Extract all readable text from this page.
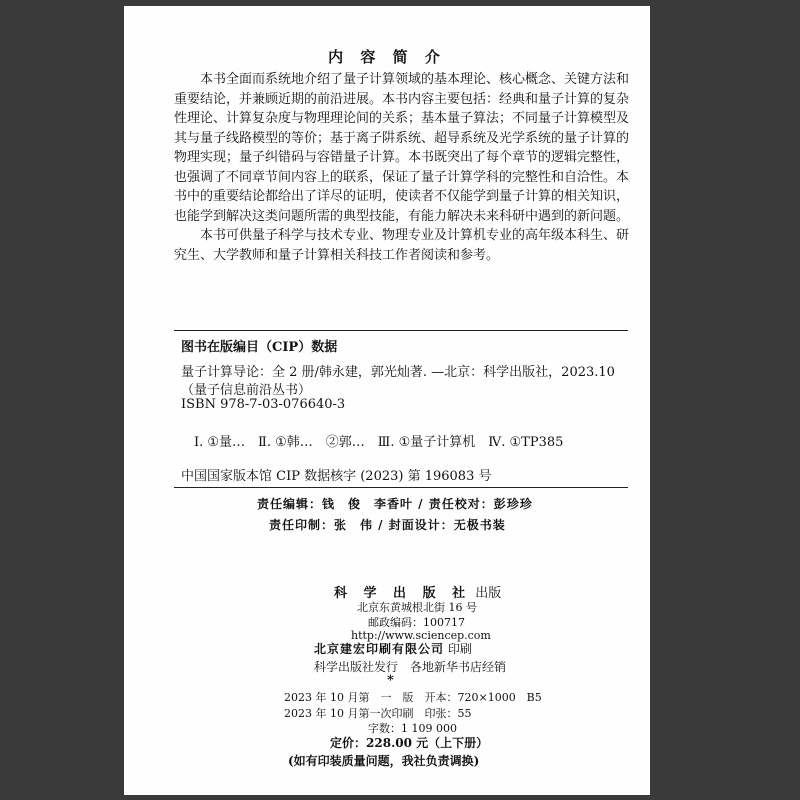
内 容 简 介

本书全面而系统地介绍了量子计算领域的基本理论、核心概念、关键方法和重要结论，并兼顾近期的前沿进展。本书内容主要包括：经典和量子计算的复杂性理论、计算复杂度与物理理论间的关系；基本量子算法；不同量子计算模型及其与量子线路模型的等价；基于离子阱系统、超导系统及光学系统的量子计算的物理实现；量子纠错码与容错量子计算。本书既突出了每个章节的逻辑完整性，也强调了不同章节间内容上的联系，保证了量子计算学科的完整性和自洽性。本书中的重要结论都给出了详尽的证明，使读者不仅能学到量子计算的相关知识，也能学到解决这类问题所需的典型技能，有能力解决未来科研中遇到的新问题。

本书可供量子科学与技术专业、物理专业及计算机专业的高年级本科生、研究生、大学教师和量子计算相关科技工作者阅读和参考。

图书在版编目（CIP）数据
量子计算导论：全 2 册/韩永建，郭光灿著. —北京：科学出版社，2023.10
（量子信息前沿丛书）
ISBN 978-7-03-076640-3
Ⅰ. ①量…　Ⅱ. ①韩…　②郭…　Ⅲ. ①量子计算机　Ⅳ. ①TP385
中国国家版本馆 CIP 数据核字 (2023) 第 196083 号
责任编辑：钱　俊　李香叶 / 责任校对：彭珍珍
责任印制：张　伟 / 封面设计：无极书装
科 学 出 版 社 出版
北京东黄城根北街 16 号
邮政编码：100717
http://www.sciencep.com
北京建宏印刷有限公司 印刷
科学出版社发行　各地新华书店经销
*
2023 年 10 月第　一　版　开本：720×1000　B5
2023 年 10 月第一次印刷　印张：55
字数：1 109 000
定价：228.00 元（上下册）
(如有印装质量问题，我社负责调换)
